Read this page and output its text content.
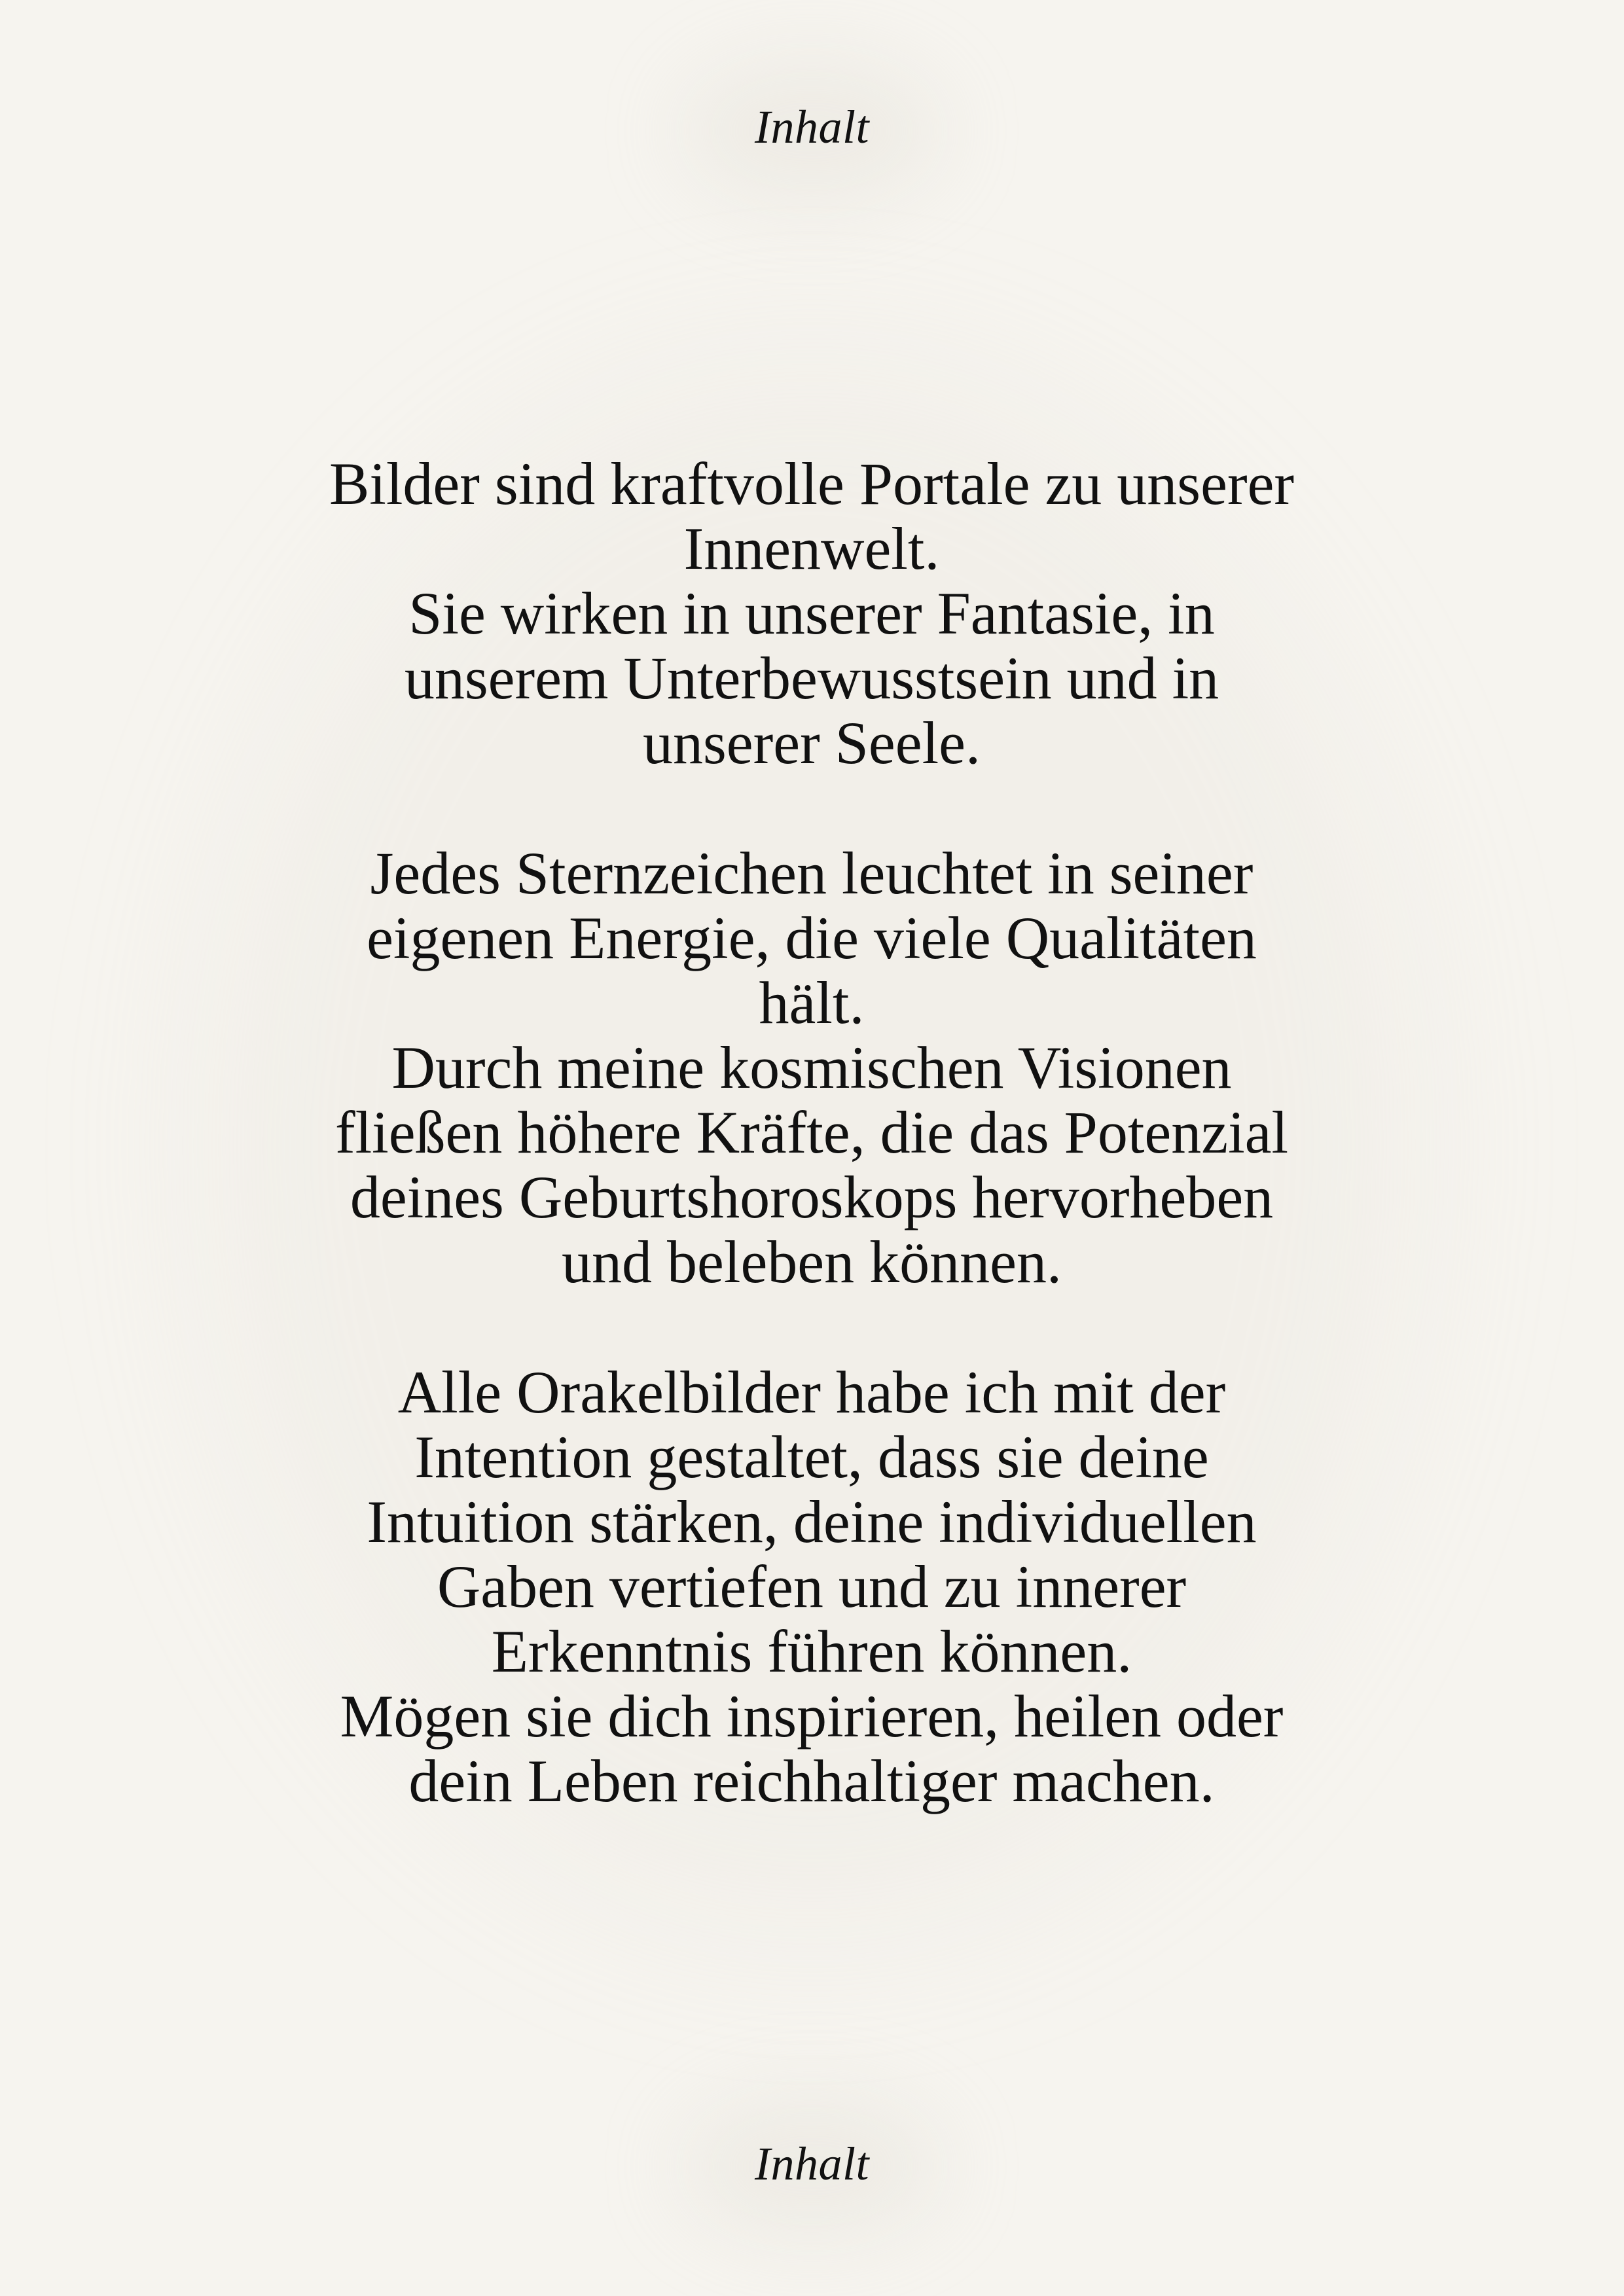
Inhalt

Bilder sind kraftvolle Portale zu unserer
Innenwelt.
Sie wirken in unserer Fantasie, in
unserem Unterbewusstsein und in
unserer Seele.

Jedes Sternzeichen leuchtet in seiner
eigenen Energie, die viele Qualitäten
hält.
Durch meine kosmischen Visionen
fließen höhere Kräfte, die das Potenzial
deines Geburtshoroskops hervorheben
und beleben können.

Alle Orakelbilder habe ich mit der
Intention gestaltet, dass sie deine
Intuition stärken, deine individuellen
Gaben vertiefen und zu innerer
Erkenntnis führen können.
Mögen sie dich inspirieren, heilen oder
dein Leben reichhaltiger machen.

Inhalt
